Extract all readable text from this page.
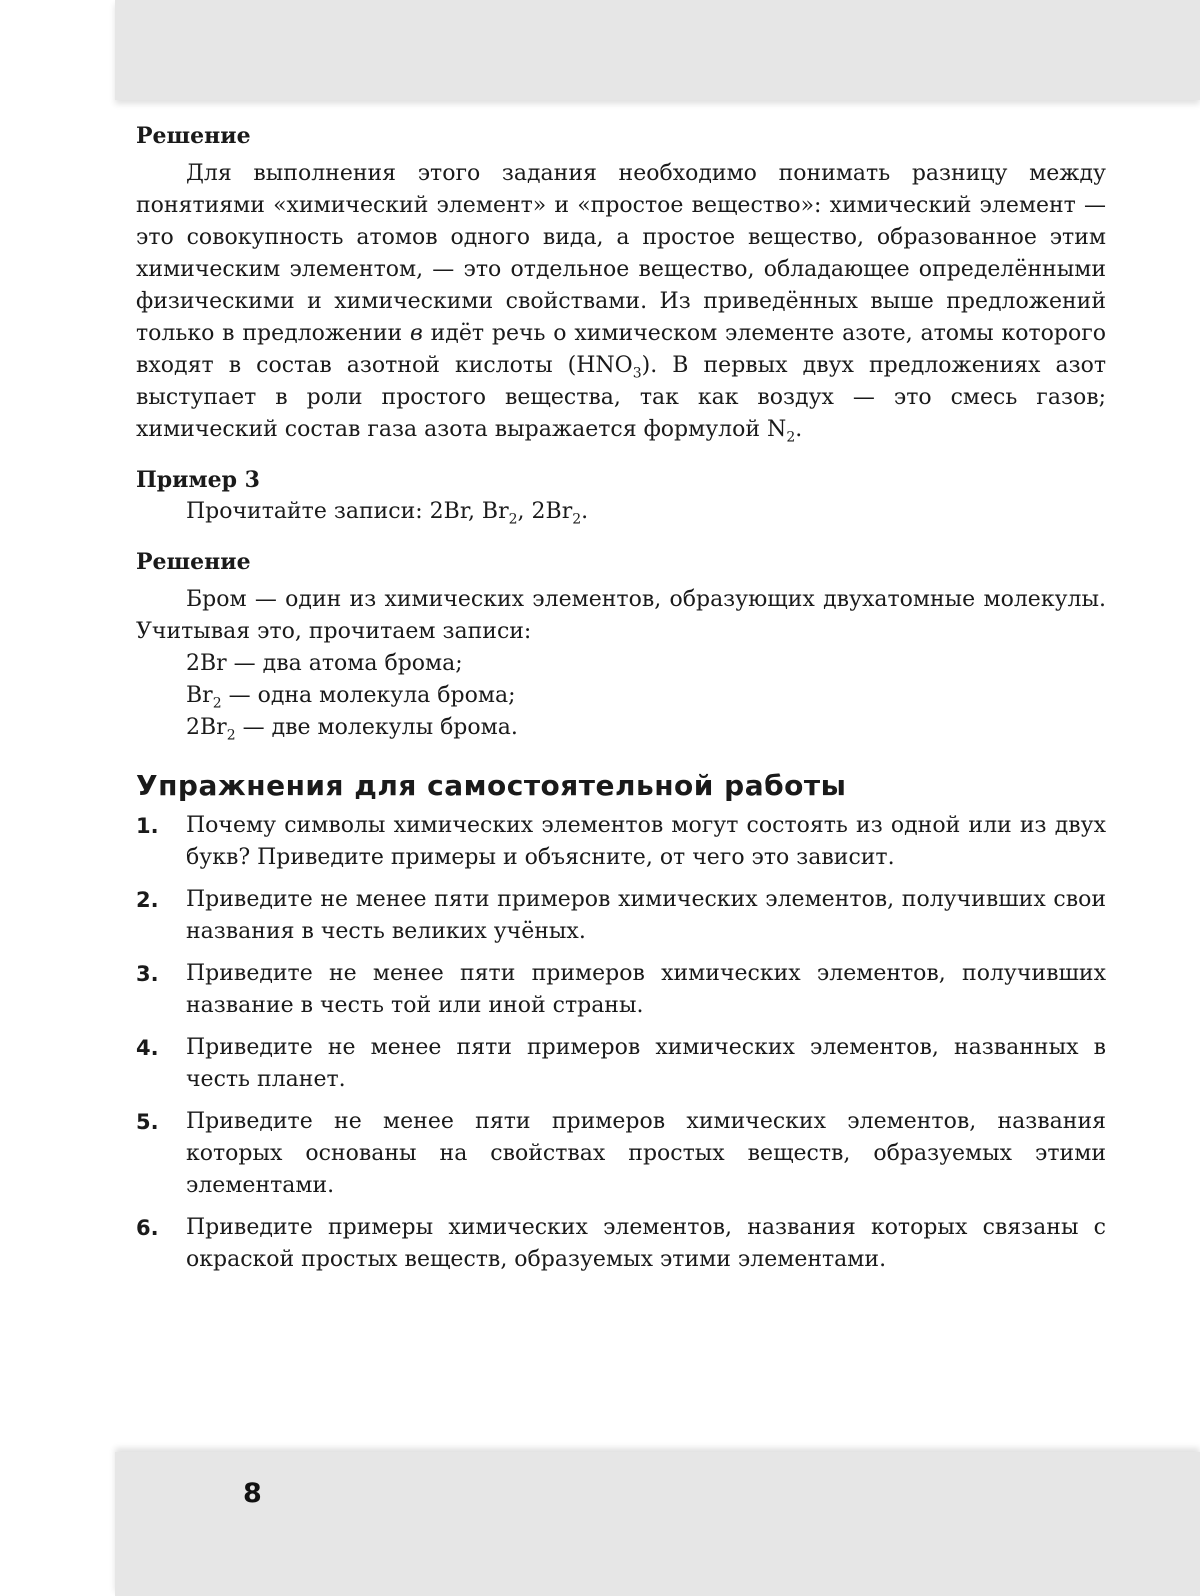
Решение

Для выполнения этого задания необходимо понимать разницу между понятиями «химический элемент» и «простое вещество»: химический элемент — это совокупность атомов одного вида, а простое вещество, образованное этим химическим элементом, — это отдельное вещество, обладающее определёнными физическими и химическими свойствами. Из приведённых выше предложений только в предложении в идёт речь о химическом элементе азоте, атомы которого входят в состав азотной кислоты $(HNO_3)$. В первых двух предложениях азот выступает в роли простого вещества, так как воздух — это смесь газов; химический состав газа азота выражается формулой $N_2$.

Пример 3

Прочитайте записи: 2Br, $Br_2$, $2Br_2$.

Решение

Бром — один из химических элементов, образующих двухатомные молекулы. Учитывая это, прочитаем записи:

2Br — два атома брома;

$Br_2$ — одна молекула брома;

$2Br_2$ — две молекулы брома.

Упражнения для самостоятельной работы

1.	Почему символы химических элементов могут состоять из одной или из двух букв? Приведите примеры и объясните, от чего это зависит.
2.	Приведите не менее пяти примеров химических элементов, получивших свои названия в честь великих учёных.
3.	Приведите не менее пяти примеров химических элементов, получивших название в честь той или иной страны.
4.	Приведите не менее пяти примеров химических элементов, названных в честь планет.
5.	Приведите не менее пяти примеров химических элементов, названия которых основаны на свойствах простых веществ, образуемых этими элементами.
6.	Приведите примеры химических элементов, названия которых связаны с окраской простых веществ, образуемых этими элементами.
8
